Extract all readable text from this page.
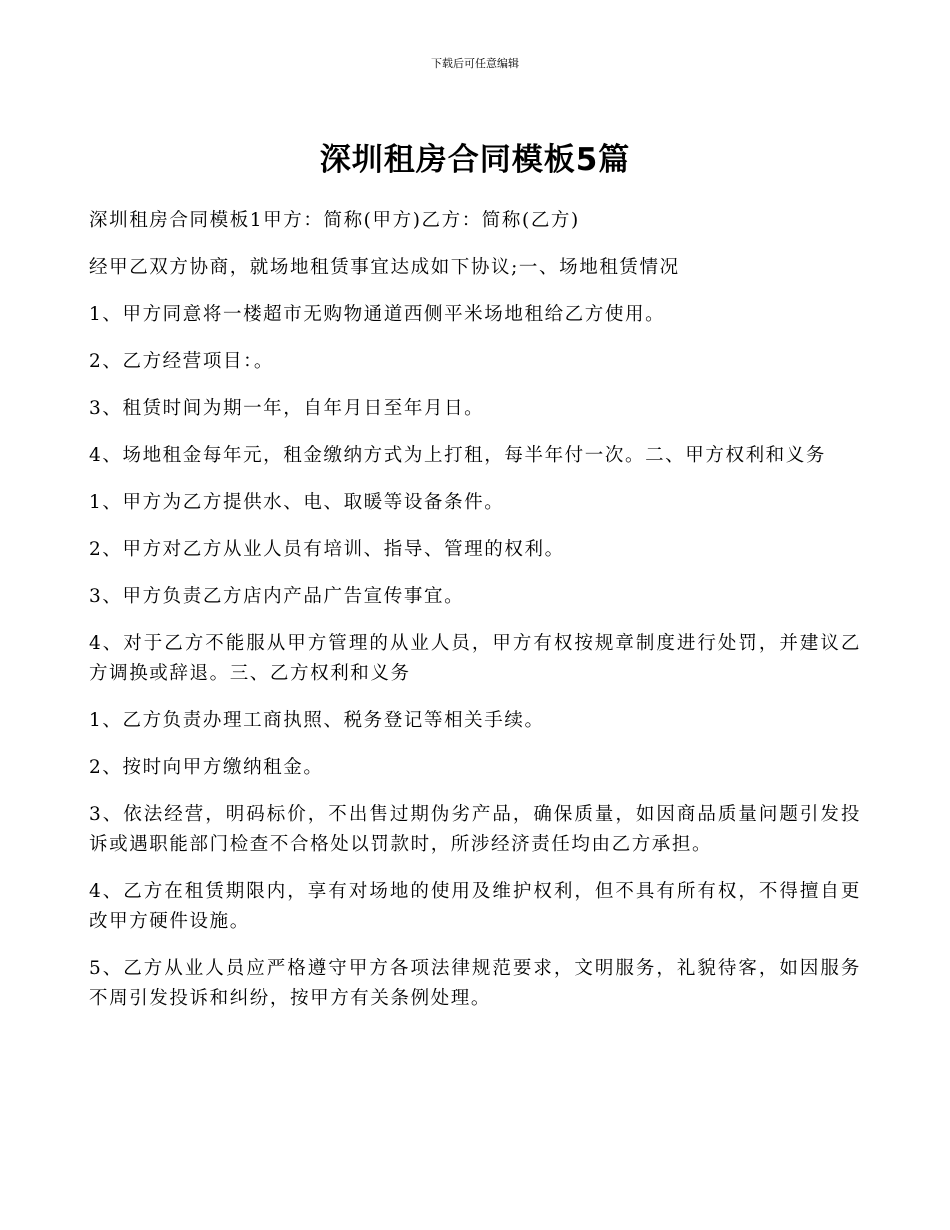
下载后可任意编辑
深圳租房合同模板5篇

深圳租房合同模板1甲方：简称(甲方)乙方：简称(乙方)

经甲乙双方协商，就场地租赁事宜达成如下协议;一、场地租赁情况

1、甲方同意将一楼超市无购物通道西侧平米场地租给乙方使用。

2、乙方经营项目：。

3、租赁时间为期一年，自年月日至年月日。

4、场地租金每年元，租金缴纳方式为上打租，每半年付一次。二、甲方权利和义务

1、甲方为乙方提供水、电、取暖等设备条件。

2、甲方对乙方从业人员有培训、指导、管理的权利。

3、甲方负责乙方店内产品广告宣传事宜。

4、对于乙方不能服从甲方管理的从业人员，甲方有权按规章制度进行处罚，并建议乙方调换或辞退。三、乙方权利和义务

1、乙方负责办理工商执照、税务登记等相关手续。

2、按时向甲方缴纳租金。

3、依法经营，明码标价，不出售过期伪劣产品，确保质量，如因商品质量问题引发投诉或遇职能部门检查不合格处以罚款时，所涉经济责任均由乙方承担。

4、乙方在租赁期限内，享有对场地的使用及维护权利，但不具有所有权，不得擅自更改甲方硬件设施。

5、乙方从业人员应严格遵守甲方各项法律规范要求，文明服务，礼貌待客，如因服务不周引发投诉和纠纷，按甲方有关条例处理。
